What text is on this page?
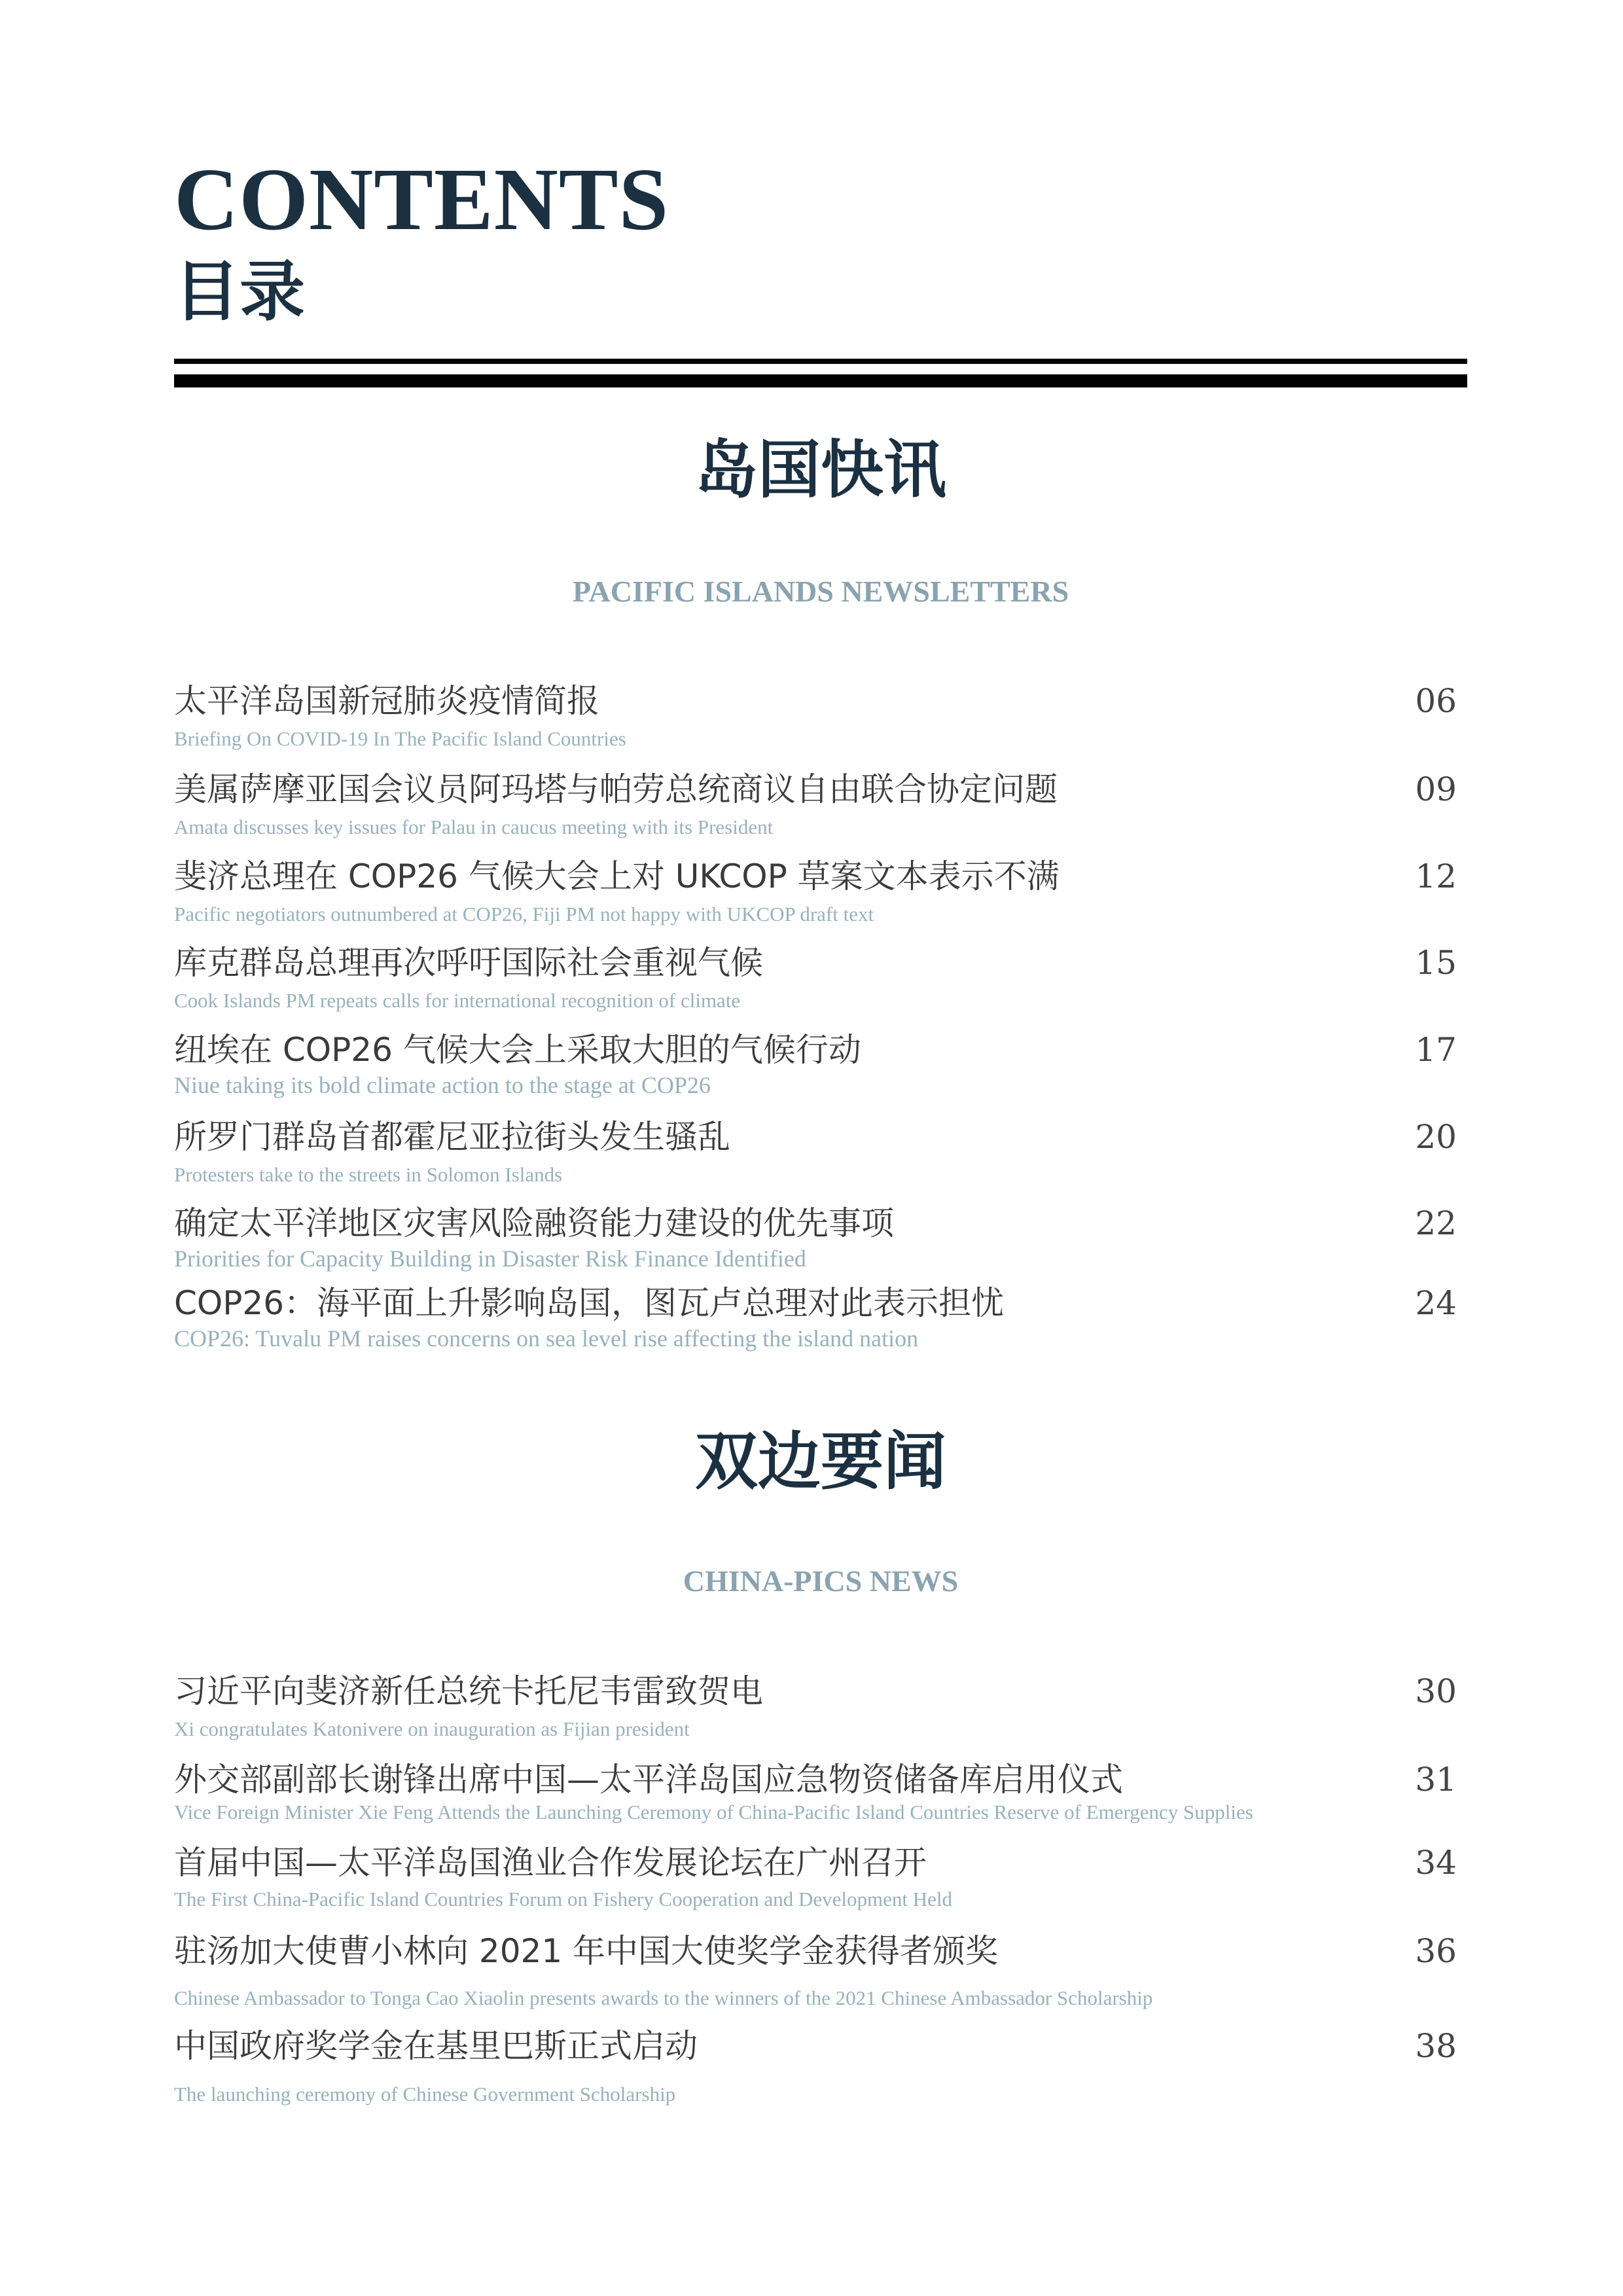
CONTENTS
目录
岛国快讯
PACIFIC ISLANDS NEWSLETTERS
太平洋岛国新冠肺炎疫情简报
Briefing On COVID-19 In The Pacific Island Countries
06
美属萨摩亚国会议员阿玛塔与帕劳总统商议自由联合协定问题
Amata discusses key issues for Palau in caucus meeting with its President
09
斐济总理在 COP26 气候大会上对 UKCOP 草案文本表示不满
Pacific negotiators outnumbered at COP26, Fiji PM not happy with UKCOP draft text
12
库克群岛总理再次呼吁国际社会重视气候
Cook Islands PM repeats calls for international recognition of climate
15
纽埃在 COP26 气候大会上采取大胆的气候行动
Niue taking its bold climate action to the stage at COP26
17
所罗门群岛首都霍尼亚拉街头发生骚乱
Protesters take to the streets in Solomon Islands
20
确定太平洋地区灾害风险融资能力建设的优先事项
Priorities for Capacity Building in Disaster Risk Finance Identified
22
COP26：海平面上升影响岛国，图瓦卢总理对此表示担忧
COP26: Tuvalu PM raises concerns on sea level rise affecting the island nation
24
双边要闻
CHINA-PICS NEWS
习近平向斐济新任总统卡托尼韦雷致贺电
Xi congratulates Katonivere on inauguration as Fijian president
30
外交部副部长谢锋出席中国—太平洋岛国应急物资储备库启用仪式
Vice Foreign Minister Xie Feng Attends the Launching Ceremony of China-Pacific Island Countries Reserve of Emergency Supplies
31
首届中国—太平洋岛国渔业合作发展论坛在广州召开
The First China-Pacific Island Countries Forum on Fishery Cooperation and Development Held
34
驻汤加大使曹小林向 2021 年中国大使奖学金获得者颁奖
Chinese Ambassador to Tonga Cao Xiaolin presents awards to the winners of the 2021 Chinese Ambassador Scholarship
36
中国政府奖学金在基里巴斯正式启动
The launching ceremony of Chinese Government Scholarship
38
